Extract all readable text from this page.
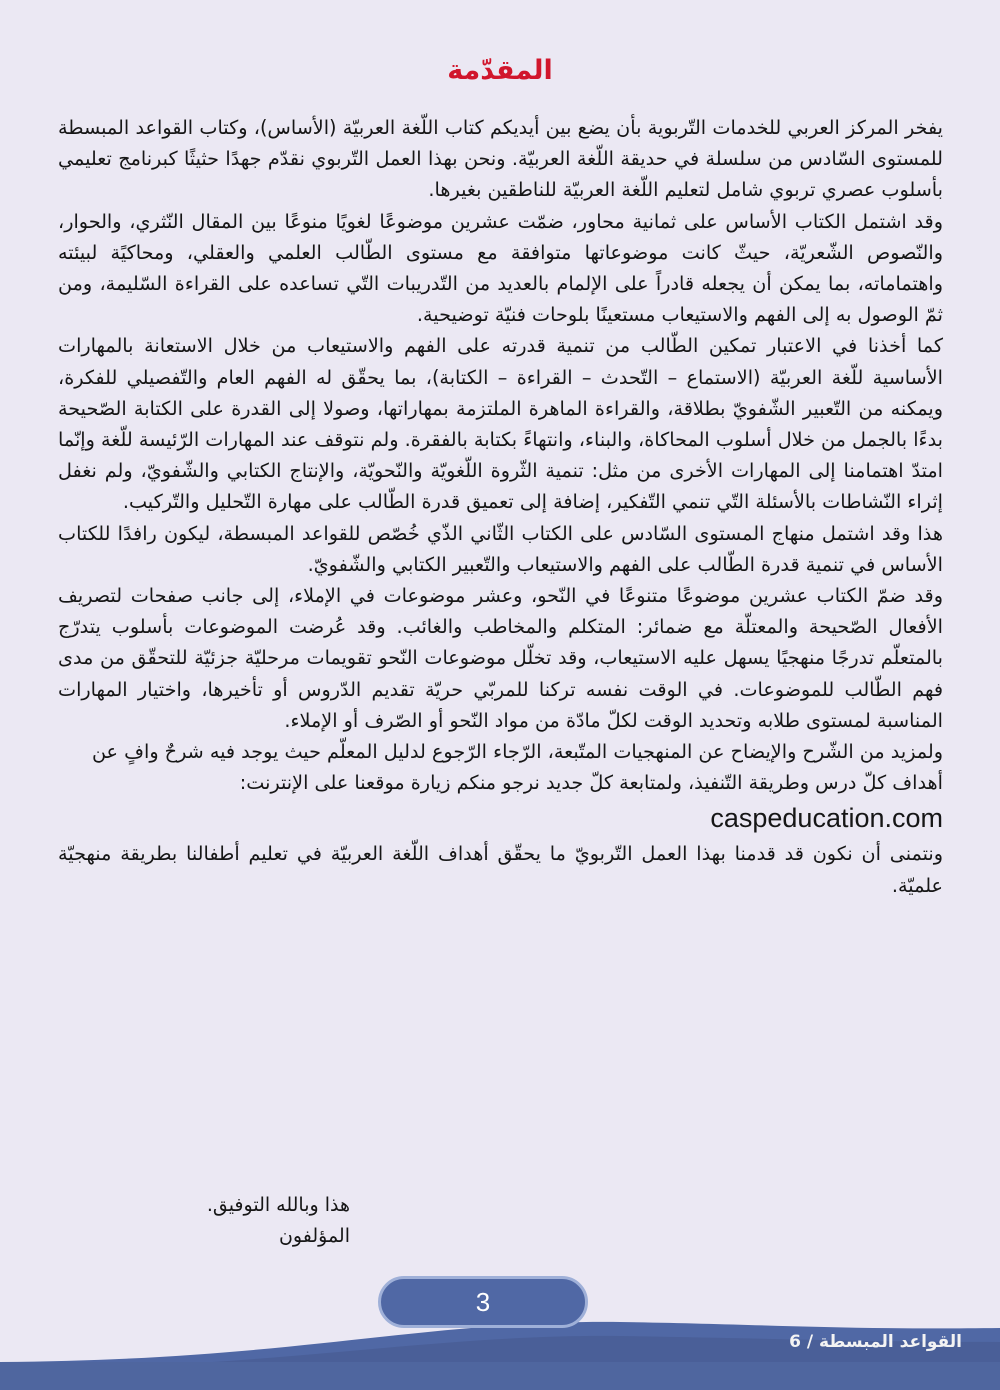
المقدّمة

يفخر المركز العربي للخدمات التّربوية بأن يضع بين أيديكم كتاب اللّغة العربيّة (الأساس)، وكتاب القواعد المبسطة للمستوى السّادس من سلسلة في حديقة اللّغة العربيّة. ونحن بهذا العمل التّربوي نقدّم جهدًا حثيثًا كبرنامج تعليمي بأسلوب عصري تربوي شامل لتعليم اللّغة العربيّة للناطقين بغيرها.

وقد اشتمل الكتاب الأساس على ثمانية محاور، ضمّت عشرين موضوعًا لغويًا منوعًا بين المقال النّثري، والحوار، والنّصوص الشّعريّة، حيثّ كانت موضوعاتها متوافقة مع مستوى الطّالب العلمي والعقلي، ومحاكيًة لبيئته واهتماماته، بما يمكن أن يجعله قادراً على الإلمام بالعديد من التّدريبات التّي تساعده على القراءة السّليمة، ومن ثمّ الوصول به إلى الفهم والاستيعاب مستعينًا بلوحات فنيّة توضيحية.

كما أخذنا في الاعتبار تمكين الطّالب من تنمية قدرته على الفهم والاستيعاب من خلال الاستعانة بالمهارات الأساسية للّغة العربيّة (الاستماع – التّحدث – القراءة – الكتابة)، بما يحقّق له الفهم العام والتّفصيلي للفكرة، ويمكنه من التّعبير الشّفويّ بطلاقة، والقراءة الماهرة الملتزمة بمهاراتها، وصولا إلى القدرة على الكتابة الصّحيحة بدءًا بالجمل من خلال أسلوب المحاكاة، والبناء، وانتهاءً بكتابة بالفقرة. ولم نتوقف عند المهارات الرّئيسة للّغة وإنّما امتدّ اهتمامنا إلى المهارات الأخرى من مثل: تنمية الثّروة اللّغويّة والنّحويّة، والإنتاج الكتابي والشّفويّ، ولم نغفل إثراء النّشاطات بالأسئلة التّي تنمي التّفكير، إضافة إلى تعميق قدرة الطّالب على مهارة التّحليل والتّركيب.

هذا وقد اشتمل منهاج المستوى السّادس على الكتاب الثّاني الذّي خُصّص للقواعد المبسطة، ليكون رافدًا للكتاب الأساس في تنمية قدرة الطّالب على الفهم والاستيعاب والتّعبير الكتابي والشّفويّ.

وقد ضمّ الكتاب عشرين موضوعًا متنوعًا في النّحو، وعشر موضوعات في الإملاء، إلى جانب صفحات لتصريف الأفعال الصّحيحة والمعتلّة مع ضمائر: المتكلم والمخاطب والغائب. وقد عُرضت الموضوعات بأسلوب يتدرّج بالمتعلّم تدرجًا منهجيًا يسهل عليه الاستيعاب، وقد تخلّل موضوعات النّحو تقويمات مرحليّة جزئيّة للتحقّق من مدى فهم الطّالب للموضوعات. في الوقت نفسه تركنا للمربّي حريّة تقديم الدّروس أو تأخيرها، واختيار المهارات المناسبة لمستوى طلابه وتحديد الوقت لكلّ مادّة من مواد النّحو أو الصّرف أو الإملاء.

ولمزيد من الشّرح والإيضاح عن المنهجيات المتّبعة، الرّجاء الرّجوع لدليل المعلّم حيث يوجد فيه شرحٌ وافٍ عن

أهداف كلّ درس وطريقة التّنفيذ، ولمتابعة كلّ جديد نرجو منكم زيارة موقعنا على الإنترنت:

caspeducation.com

ونتمنى أن نكون قد قدمنا بهذا العمل التّربويّ ما يحقّق أهداف اللّغة العربيّة في تعليم أطفالنا بطريقة منهجيّة علميّة.

هذا وبالله التوفيق.

المؤلفون

3
القواعد المبسطة / 6
